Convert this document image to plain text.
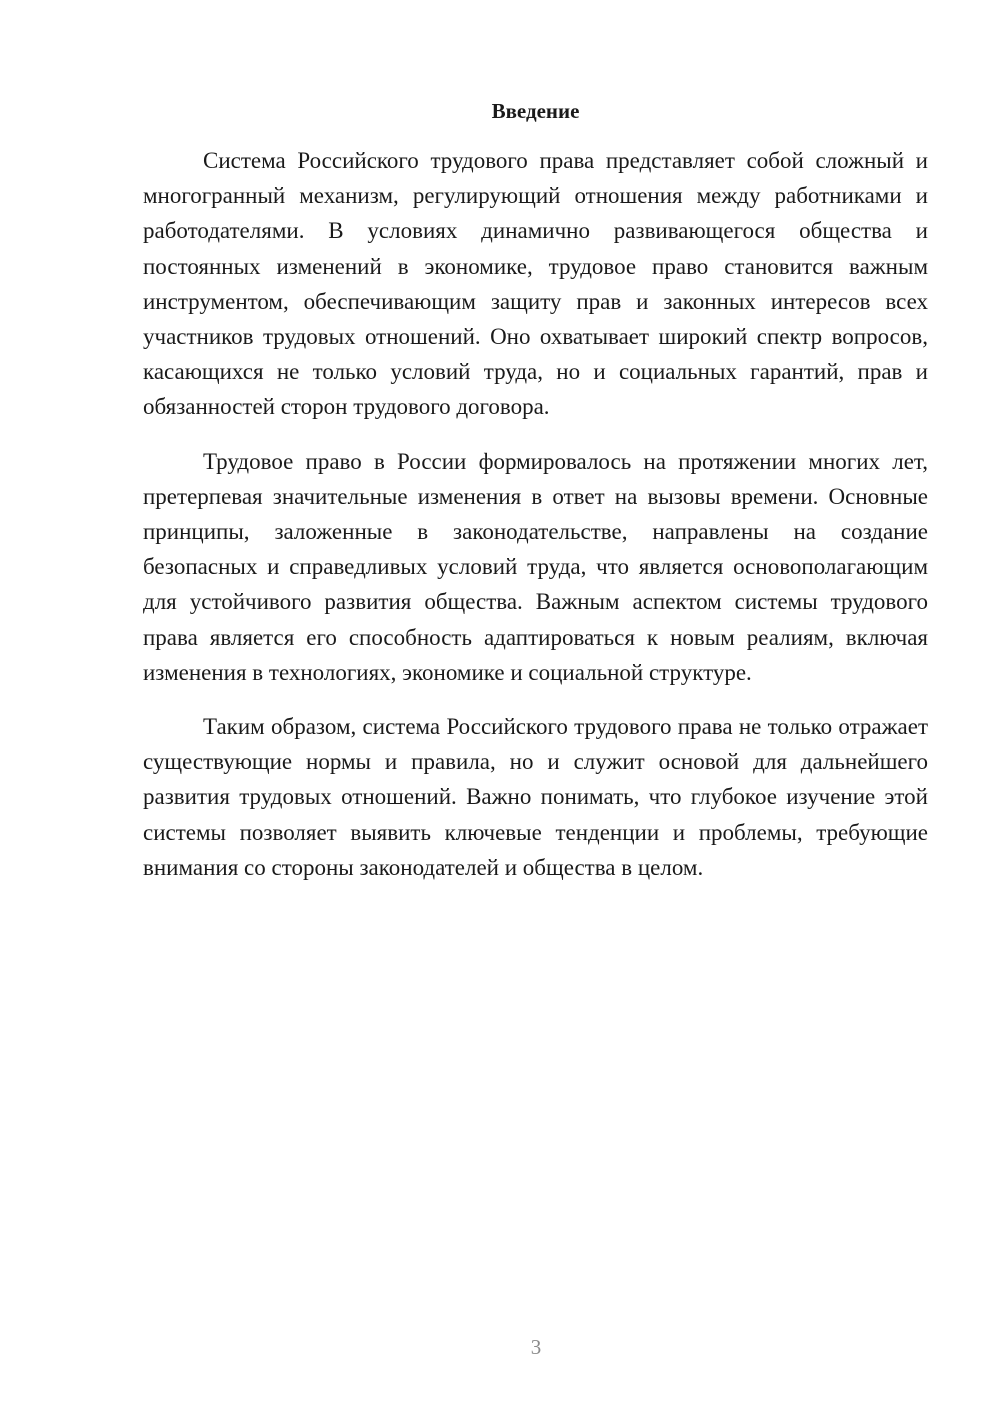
Введение

Система Российского трудового права представляет собой сложный и многогранный механизм, регулирующий отношения между работниками и работодателями. В условиях динамично развивающегося общества и постоянных изменений в экономике, трудовое право становится важным инструментом, обеспечивающим защиту прав и законных интересов всех участников трудовых отношений. Оно охватывает широкий спектр вопросов, касающихся не только условий труда, но и социальных гарантий, прав и обязанностей сторон трудового договора.

Трудовое право в России формировалось на протяжении многих лет, претерпевая значительные изменения в ответ на вызовы времени. Основные принципы, заложенные в законодательстве, направлены на создание безопасных и справедливых условий труда, что является основополагающим для устойчивого развития общества. Важным аспектом системы трудового права является его способность адаптироваться к новым реалиям, включая изменения в технологиях, экономике и социальной структуре.

Таким образом, система Российского трудового права не только отражает существующие нормы и правила, но и служит основой для дальнейшего развития трудовых отношений. Важно понимать, что глубокое изучение этой системы позволяет выявить ключевые тенденции и проблемы, требующие внимания со стороны законодателей и общества в целом.

3
